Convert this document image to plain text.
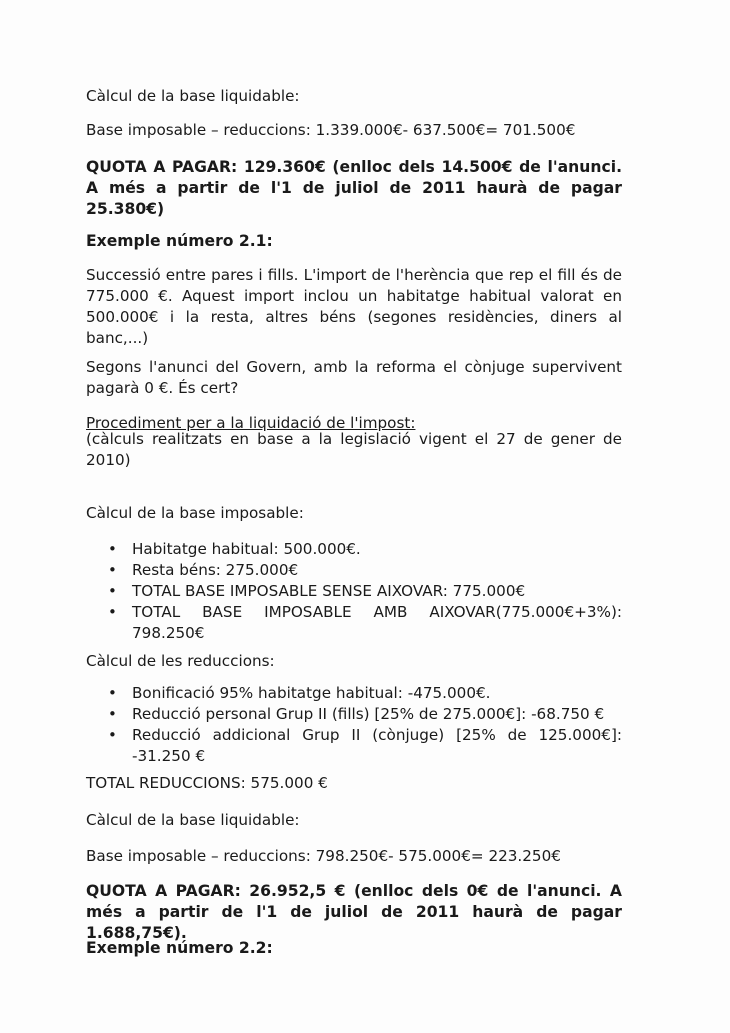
Càlcul de la base liquidable:

Base imposable – reduccions: 1.339.000€- 637.500€= 701.500€

QUOTA A PAGAR: 129.360€ (enlloc dels 14.500€ de l'anunci. A més a partir de l'1 de juliol de 2011 haurà de pagar 25.380€)

Exemple número 2.1:

Successió entre pares i fills. L'import de l'herència que rep el fill és de 775.000 €. Aquest import inclou un habitatge habitual valorat en 500.000€ i la resta, altres béns (segones residències, diners al banc,...)

Segons l'anunci del Govern, amb la reforma el cònjuge supervivent pagarà 0 €. És cert?

Procediment per a la liquidació de l'impost:

(càlculs realitzats en base a la legislació vigent el 27 de gener de 2010)

Càlcul de la base imposable:

• Habitatge habitual: 500.000€.
• Resta béns: 275.000€
• TOTAL BASE IMPOSABLE SENSE AIXOVAR: 775.000€
• TOTAL BASE IMPOSABLE AMB AIXOVAR(775.000€+3%): 798.250€

Càlcul de les reduccions:

• Bonificació 95% habitatge habitual: -475.000€.
• Reducció personal Grup II (fills) [25% de 275.000€]: -68.750 €
• Reducció addicional Grup II (cònjuge) [25% de 125.000€]: -31.250 €

TOTAL REDUCCIONS: 575.000 €

Càlcul de la base liquidable:

Base imposable – reduccions: 798.250€- 575.000€= 223.250€

QUOTA A PAGAR: 26.952,5 € (enlloc dels 0€ de l'anunci. A més a partir de l'1 de juliol de 2011 haurà de pagar 1.688,75€).

Exemple número 2.2:
